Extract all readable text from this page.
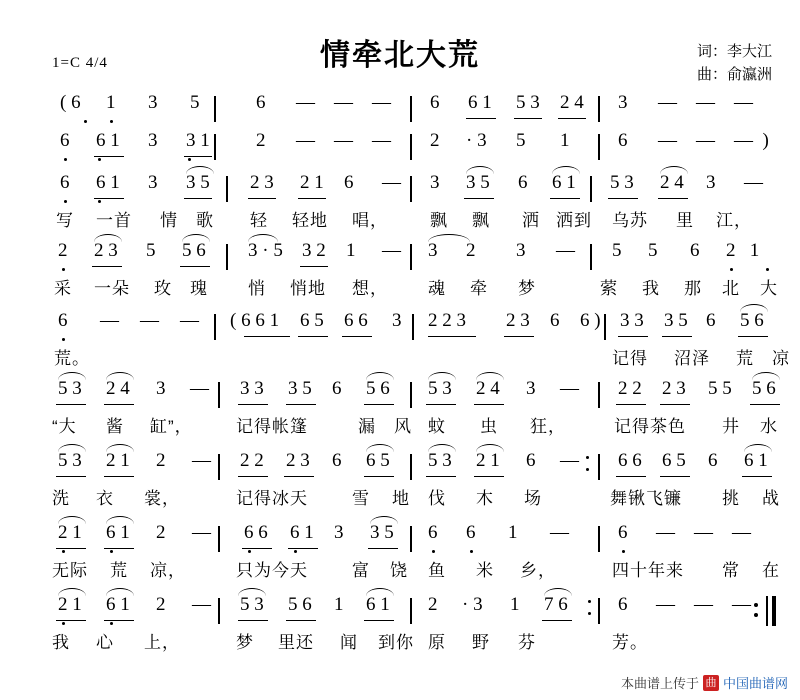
情牵北大荒
1=C 4/4
词：李大江
曲：俞瀛洲
( 6 1 3 5	6 — — — 6 6 1 5 3 2 4 3 — — —
6 6 1 3 3 1 2 — — — 2 · 3 5 1	6 — — —  )
6 6 1 3 3 5 2 3 2 1 6 — 3 3 5 6 6 1 5 3 2 4 3 —
写 一首 情 歌 轻 轻地 唱， 飘 飘 洒 洒到 乌苏 里 江，
2 2 3 5 5 6 3 · 5 3 2 1 — 3 2 3 — 5 5 6 2   1
采 一朵 玫 瑰 悄 悄地 想， 魂 牵 梦	萦 我 那 北 大
6 — — — ( 6 6 1 6 5 6 6 3 2 2 3 2 3 6 6 ) 3 3 3 5 6 5 6
荒。	记得 沼泽 荒 凉
5 3 2 4 3 — 3 3 3 5 6 5 6 5 3 2 4 3 — 2 2 2 3 5 5 5 6
“大 酱 缸”，	记得帐篷	漏 风 蚊 虫 狂，	记得茶色 井 水
5 3 2 1 2 — 2 2 2 3 6 6 5 5 3 2 1 6 — 6 6 6 5 6 6 1
洗 衣 裳，	记得冰天	雪 地 伐 木 场	舞锹飞镰 挑 战
2 1 6 1 2 — 6 6 6 1 3 3 5 6 6 1 —	6 — — —
无际 荒 凉，	只为今天	富 饶 鱼 米 乡，	四十年来 常 在
2 1 6 1 2 — 5 3 5 6 1 6 1 2 · 3 1 7 6	6 — — —
我 心 上，	梦 里还 闻 到你 原 野 芬	芳。
本曲谱上传于 曲 中国曲谱网
